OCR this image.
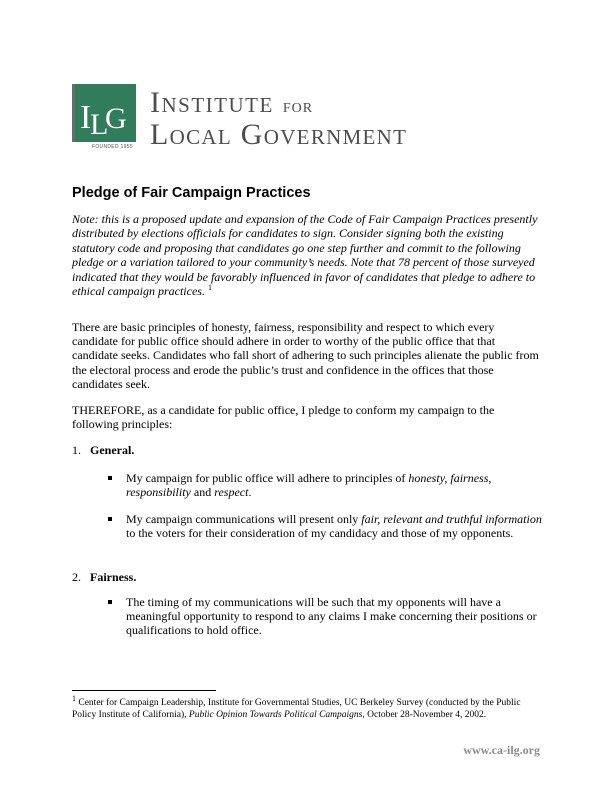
I
L
G
FOUNDED 1955
Institute for
Local Government
Pledge of Fair Campaign Practices
Note: this is a proposed update and expansion of the Code of Fair Campaign Practices presently distributed by elections officials for candidates to sign. Consider signing both the existing statutory code and proposing that candidates go one step further and commit to the following pledge or a variation tailored to your community’s needs. Note that 78 percent of those surveyed indicated that they would be favorably influenced in favor of candidates that pledge to adhere to ethical campaign practices. $^1$
There are basic principles of honesty, fairness, responsibility and respect to which every candidate for public office should adhere in order to worthy of the public office that that candidate seeks. Candidates who fall short of adhering to such principles alienate the public from the electoral process and erode the public’s trust and confidence in the offices that those candidates seek.
THEREFORE, as a candidate for public office, I pledge to conform my campaign to the following principles:
1. General.
My campaign for public office will adhere to principles of honesty, fairness, responsibility and respect.
My campaign communications will present only fair, relevant and truthful information to the voters for their consideration of my candidacy and those of my opponents.
2. Fairness.
The timing of my communications will be such that my opponents will have a meaningful opportunity to respond to any claims I make concerning their positions or qualifications to hold office.
$^1$ Center for Campaign Leadership, Institute for Governmental Studies, UC Berkeley Survey (conducted by the Public Policy Institute of California), Public Opinion Towards Political Campaigns, October 28-November 4, 2002.
www.ca-ilg.org
